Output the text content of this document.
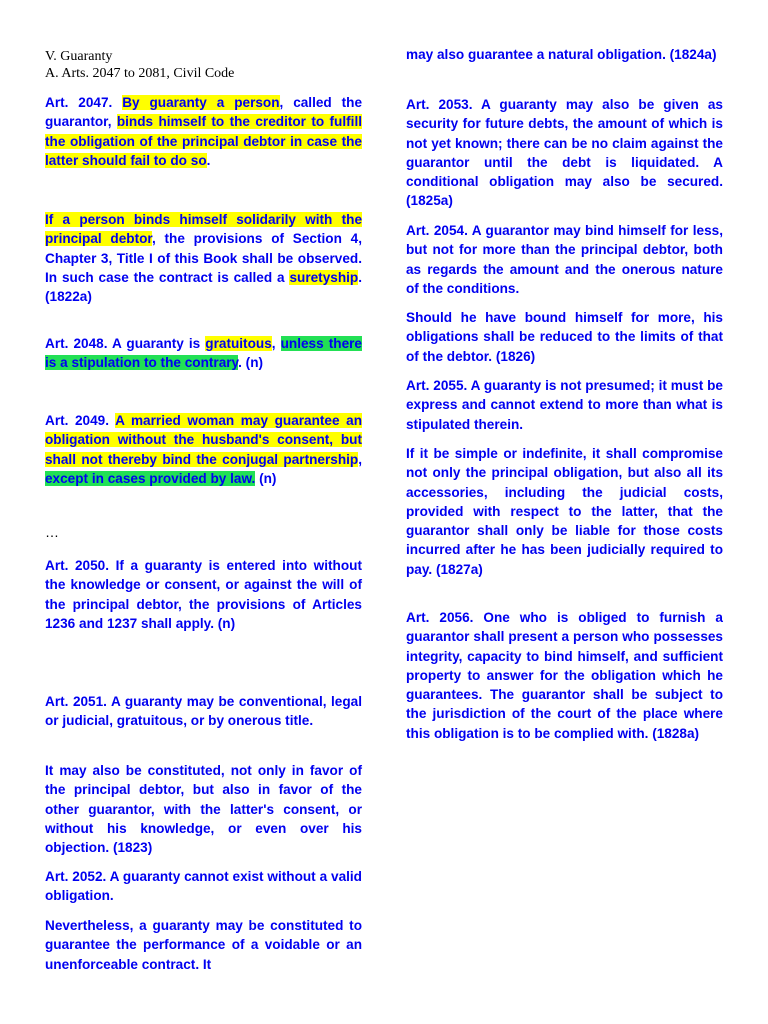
V. Guaranty
A. Arts. 2047 to 2081, Civil Code

Art. 2047. By guaranty a person, called the guarantor, binds himself to the creditor to fulfill the obligation of the principal debtor in case the latter should fail to do so.

If a person binds himself solidarily with the principal debtor, the provisions of Section 4, Chapter 3, Title I of this Book shall be observed. In such case the contract is called a suretyship. (1822a)

Art. 2048. A guaranty is gratuitous, unless there is a stipulation to the contrary. (n)

Art. 2049. A married woman may guarantee an obligation without the husband's consent, but shall not thereby bind the conjugal partnership, except in cases provided by law. (n)

…

Art. 2050. If a guaranty is entered into without the knowledge or consent, or against the will of the principal debtor, the provisions of Articles 1236 and 1237 shall apply. (n)

Art. 2051. A guaranty may be conventional, legal or judicial, gratuitous, or by onerous title.

It may also be constituted, not only in favor of the principal debtor, but also in favor of the other guarantor, with the latter's consent, or without his knowledge, or even over his objection. (1823)

Art. 2052. A guaranty cannot exist without a valid obligation.

Nevertheless, a guaranty may be constituted to guarantee the performance of a voidable or an unenforceable contract. It

may also guarantee a natural obligation. (1824a)

Art. 2053. A guaranty may also be given as security for future debts, the amount of which is not yet known; there can be no claim against the guarantor until the debt is liquidated. A conditional obligation may also be secured. (1825a)

Art. 2054. A guarantor may bind himself for less, but not for more than the principal debtor, both as regards the amount and the onerous nature of the conditions.

Should he have bound himself for more, his obligations shall be reduced to the limits of that of the debtor. (1826)

Art. 2055. A guaranty is not presumed; it must be express and cannot extend to more than what is stipulated therein.

If it be simple or indefinite, it shall compromise not only the principal obligation, but also all its accessories, including the judicial costs, provided with respect to the latter, that the guarantor shall only be liable for those costs incurred after he has been judicially required to pay. (1827a)

Art. 2056. One who is obliged to furnish a guarantor shall present a person who possesses integrity, capacity to bind himself, and sufficient property to answer for the obligation which he guarantees. The guarantor shall be subject to the jurisdiction of the court of the place where this obligation is to be complied with. (1828a)
